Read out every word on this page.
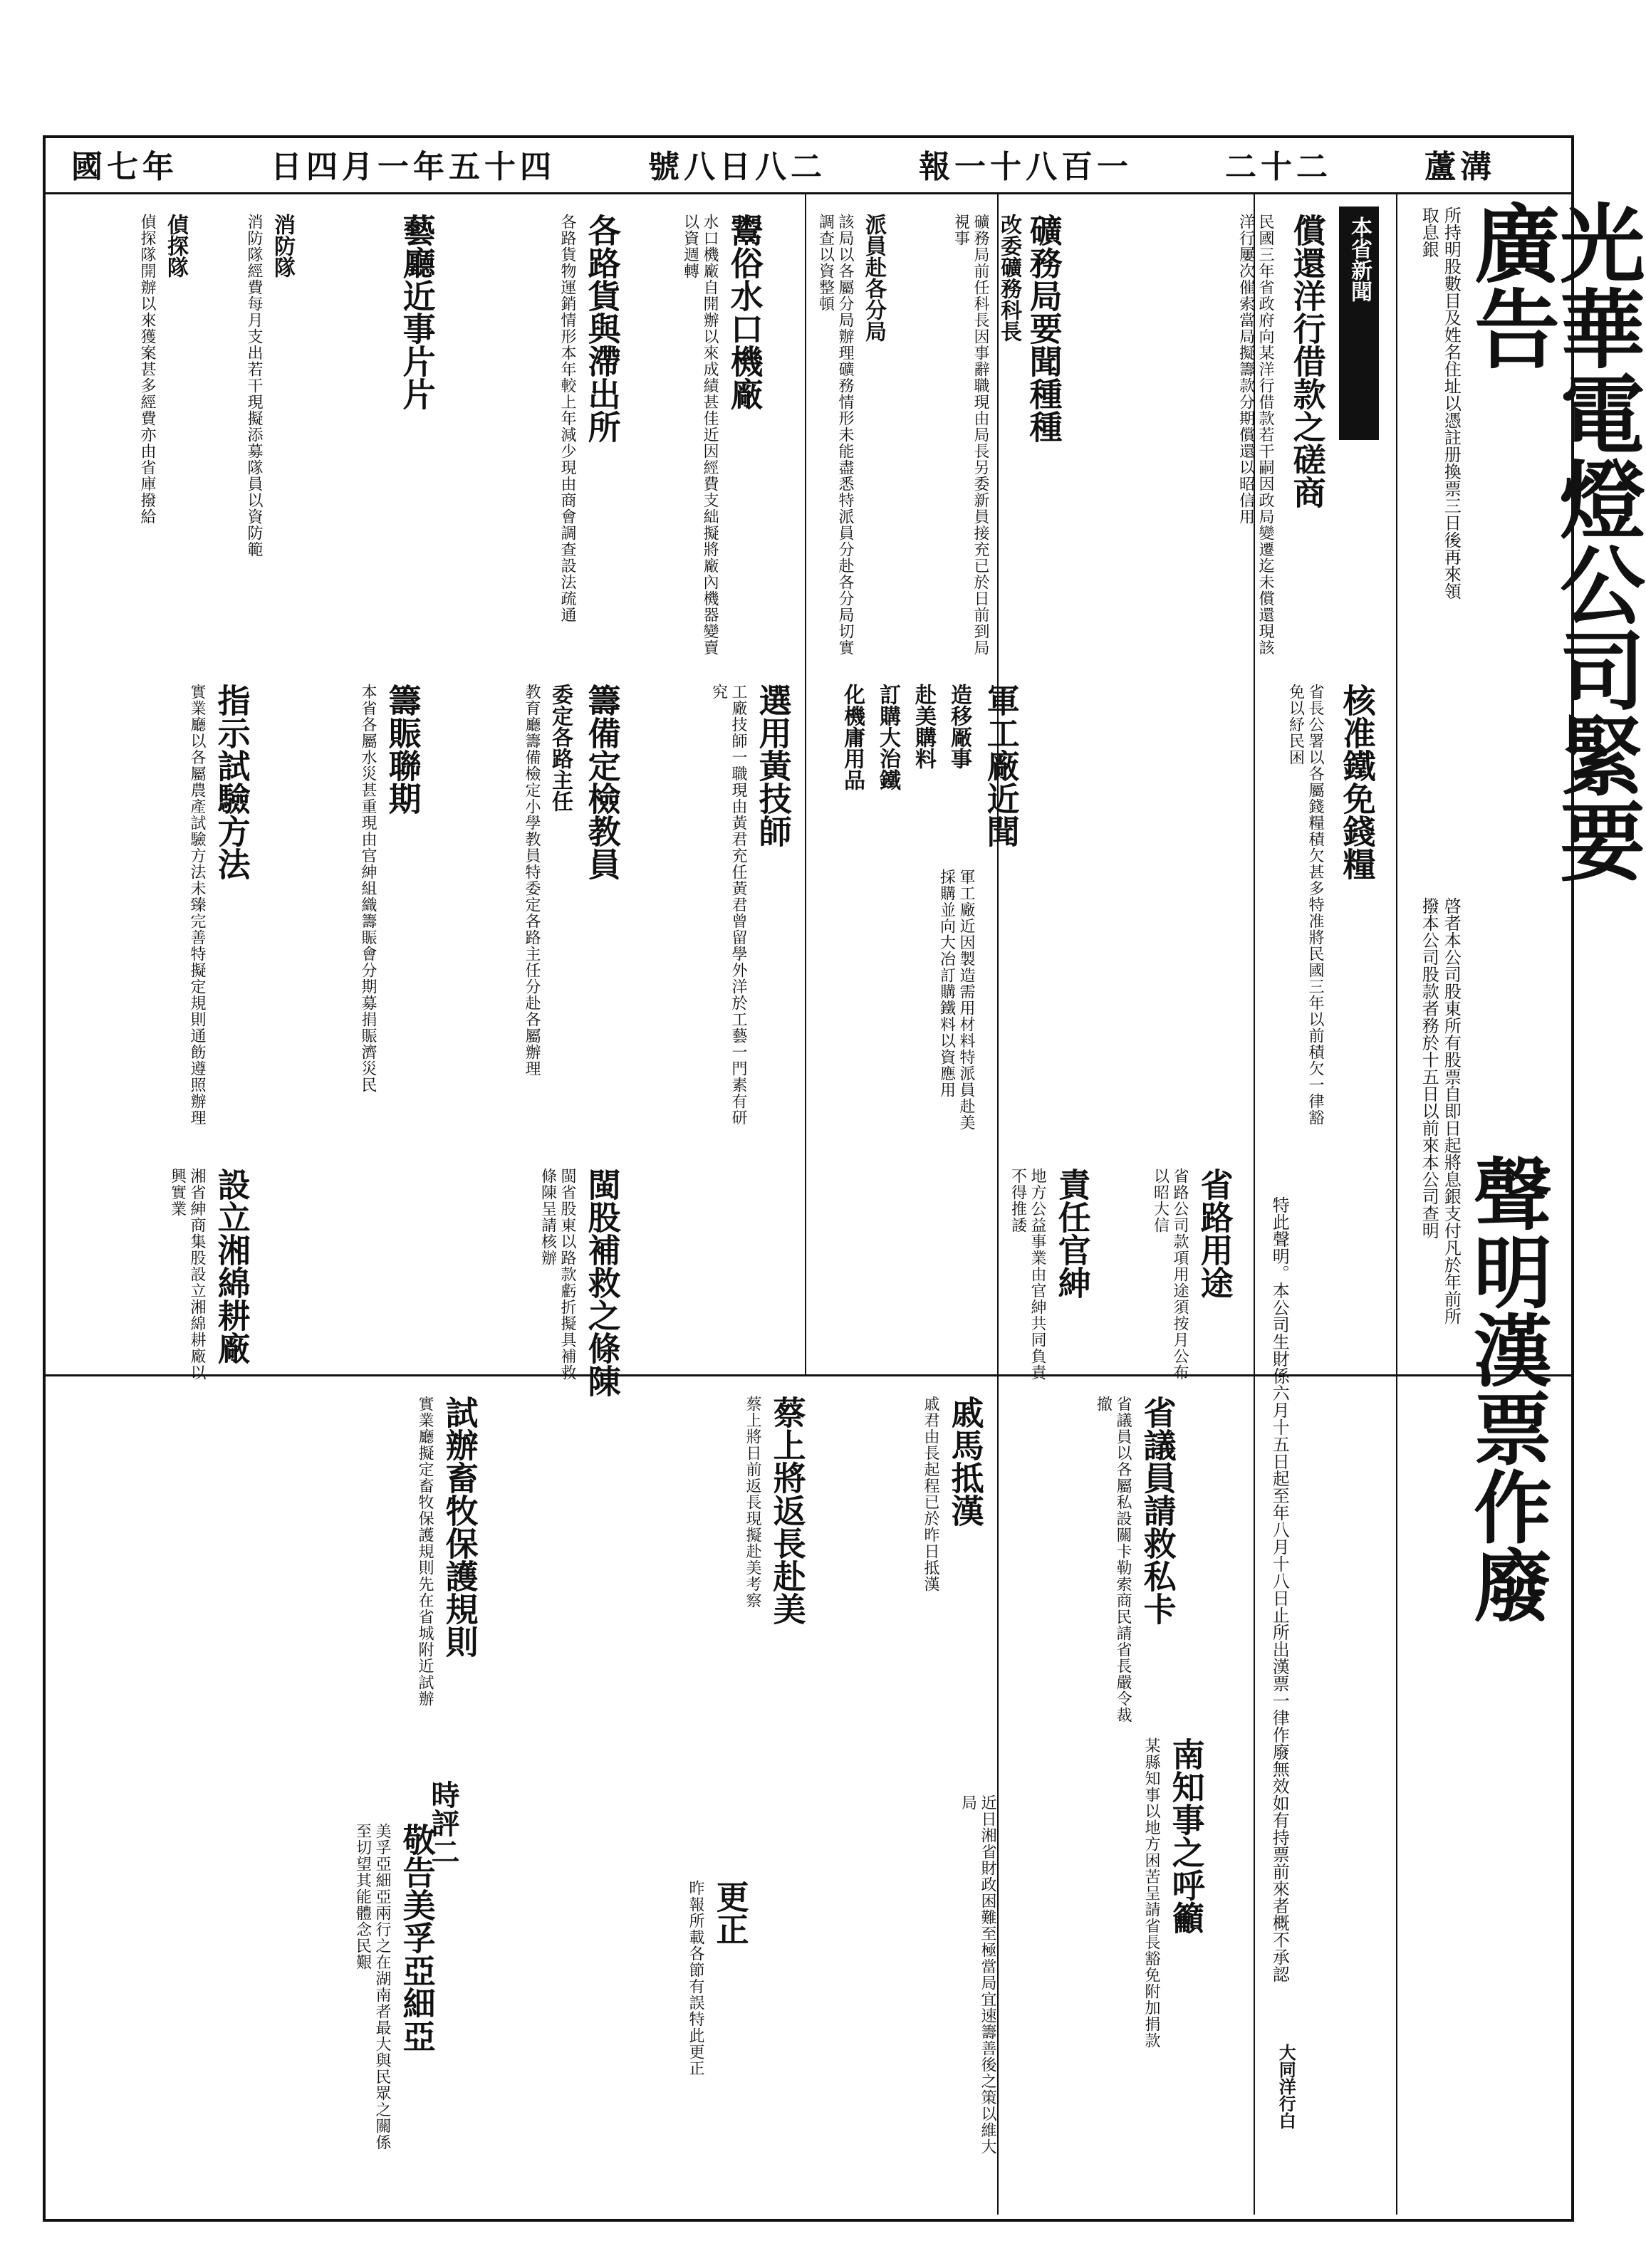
蘆溝
二十二
報一十八百一
號八日八二
日四月一年五十四
國七年
所持明股數目及姓名住址以憑註册換票三日後再來領取息銀	光華電燈公司緊要廣告
啓者本公司股東所有股票自即日起將息銀支付凡於年前所撥本公司股款者務於十五日以前來本公司查明
聲明漢票作廢
特此聲明。本公司生財係六月十五日起至年八月十八日止所出漢票一律作廢無效如有持票前來者概不承認
大同洋行白
本省新聞
償還洋行借款之磋商
民國三年省政府向某洋行借款若干嗣因政局變遷迄未償還現該洋行屢次催索當局擬籌款分期償還以昭信用
礦務局要聞種種
改委礦務科長
礦務局前任科長因事辭職現由局長另委新員接充已於日前到局視事
派員赴各分局
該局以各屬分局辦理礦務情形未能盡悉特派員分赴各分局切實調查以資整頓
鬻俗水口機廠
水口機廠自開辦以來成績甚佳近因經費支絀擬將廠內機器變賣以資週轉
各路貨與滯出所
各路貨物運銷情形本年較上年減少現由商會調查設法疏通
藝廳近事片片
消防隊
消防隊經費每月支出若干現擬添募隊員以資防範
偵探隊
偵探隊開辦以來獲案甚多經費亦由省庫撥給
核准鐵免錢糧
省長公署以各屬錢糧積欠甚多特准將民國三年以前積欠一律豁免以紓民困
軍工廠近聞
造移厰事
赴美購料
訂購大治鐵
化機庸用品
軍工廠近因製造需用材料特派員赴美採購並向大冶訂購鐵料以資應用
選用黃技師
工廠技師一職現由黃君充任黃君曾留學外洋於工藝一門素有研究
籌備定檢教員
委定各路主任
教育廳籌備檢定小學教員特委定各路主任分赴各屬辦理
籌賑聯期
本省各屬水災甚重現由官紳組織籌賑會分期募捐賑濟災民
指示試驗方法
實業廳以各屬農產試驗方法未臻完善特擬定規則通飭遵照辦理
省路用途
省路公司款項用途須按月公布以昭大信
責任官紳
地方公益事業由官紳共同負責不得推諉
省議員請救私卡
省議員以各屬私設關卡勒索商民請省長嚴令裁撤
南知事之呼籲
某縣知事以地方困苦呈請省長豁免附加捐款
試辦畜牧保護規則
實業廳擬定畜牧保護規則先在省城附近試辦
敬告美孚亞細亞
美孚亞細亞兩行之在湖南者最大與民眾之關係至切望其能體念民艱
閩股補救之條陳
閩省股東以路款虧折擬具補救條陳呈請核辦
設立湘綿耕廠
湘省紳商集股設立湘綿耕廠以興實業
戚馬抵漢
戚君由長起程已於昨日抵漢
蔡上將返長赴美
蔡上將日前返長現擬赴美考察
更正
昨報所載各節有誤特此更正
時評二	近日湘省財政困難至極當局宜速籌善後之策以維大局
